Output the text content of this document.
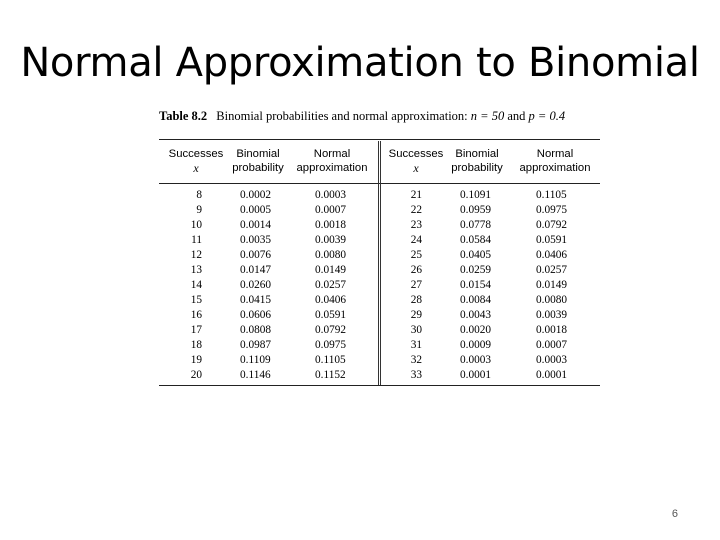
Normal Approximation to Binomial
Table 8.2 Binomial probabilities and normal approximation: n = 50 and p = 0.4
Successes
x
Binomial
probability
Normal
approximation
Successes
x
Binomial
probability
Normal
approximation
8
9
10
11
12
13
14
15
16
17
18
19
20
0.0002
0.0005
0.0014
0.0035
0.0076
0.0147
0.0260
0.0415
0.0606
0.0808
0.0987
0.1109
0.1146
0.0003
0.0007
0.0018
0.0039
0.0080
0.0149
0.0257
0.0406
0.0591
0.0792
0.0975
0.1105
0.1152
21
22
23
24
25
26
27
28
29
30
31
32
33
0.1091
0.0959
0.0778
0.0584
0.0405
0.0259
0.0154
0.0084
0.0043
0.0020
0.0009
0.0003
0.0001
0.1105
0.0975
0.0792
0.0591
0.0406
0.0257
0.0149
0.0080
0.0039
0.0018
0.0007
0.0003
0.0001
6
